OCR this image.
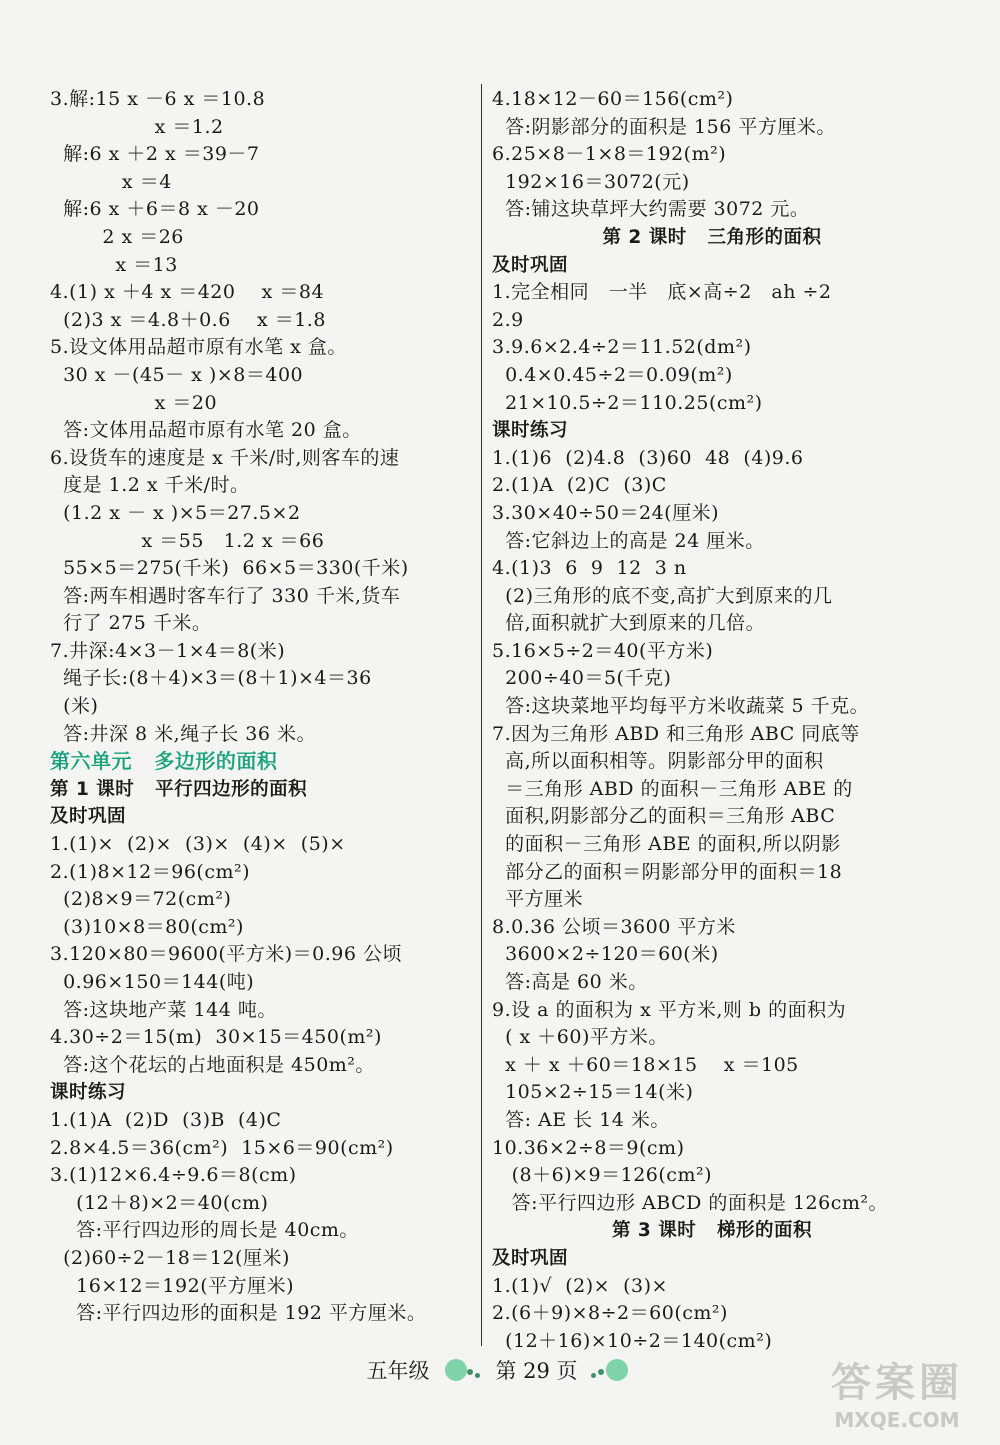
3.解:15 x －6 x ＝10.8
x ＝1.2
解:6 x ＋2 x ＝39－7
x ＝4
解:6 x ＋6＝8 x －20
2 x ＝26
x ＝13
4.(1) x ＋4 x ＝420    x ＝84
(2)3 x ＝4.8＋0.6    x ＝1.8
5.设文体用品超市原有水笔 x 盒。
30 x －(45－ x )×8＝400
x ＝20
答:文体用品超市原有水笔 20 盒。
6.设货车的速度是 x 千米/时,则客车的速
度是 1.2 x 千米/时。
(1.2 x － x )×5＝27.5×2
x ＝55   1.2 x ＝66
55×5＝275(千米)  66×5＝330(千米)
答:两车相遇时客车行了 330 千米,货车
行了 275 千米。
7.井深:4×3－1×4＝8(米)
绳子长:(8＋4)×3＝(8＋1)×4＝36
(米)
答:井深 8 米,绳子长 36 米。
第六单元   多边形的面积
第 1 课时   平行四边形的面积
及时巩固
1.(1)×  (2)×  (3)×  (4)×  (5)×
2.(1)8×12＝96(cm²)
(2)8×9＝72(cm²)
(3)10×8＝80(cm²)
3.120×80＝9600(平方米)＝0.96 公顷
0.96×150＝144(吨)
答:这块地产菜 144 吨。
4.30÷2＝15(m)  30×15＝450(m²)
答:这个花坛的占地面积是 450m²。
课时练习
1.(1)A  (2)D  (3)B  (4)C
2.8×4.5＝36(cm²)  15×6＝90(cm²)
3.(1)12×6.4÷9.6＝8(cm)
(12＋8)×2＝40(cm)
答:平行四边形的周长是 40cm。
(2)60÷2－18＝12(厘米)
16×12＝192(平方厘米)
答:平行四边形的面积是 192 平方厘米。
4.18×12－60＝156(cm²)
答:阴影部分的面积是 156 平方厘米。
6.25×8－1×8＝192(m²)
192×16＝3072(元)
答:铺这块草坪大约需要 3072 元。
第 2 课时   三角形的面积
及时巩固
1.完全相同   一半   底×高÷2   ah ÷2
2.9
3.9.6×2.4÷2＝11.52(dm²)
0.4×0.45÷2＝0.09(m²)
21×10.5÷2＝110.25(cm²)
课时练习
1.(1)6  (2)4.8  (3)60  48  (4)9.6
2.(1)A  (2)C  (3)C
3.30×40÷50＝24(厘米)
答:它斜边上的高是 24 厘米。
4.(1)3  6  9  12  3 n
(2)三角形的底不变,高扩大到原来的几
倍,面积就扩大到原来的几倍。
5.16×5÷2＝40(平方米)
200÷40＝5(千克)
答:这块菜地平均每平方米收蔬菜 5 千克。
7.因为三角形 ABD 和三角形 ABC 同底等
高,所以面积相等。阴影部分甲的面积
＝三角形 ABD 的面积－三角形 ABE 的
面积,阴影部分乙的面积＝三角形 ABC
的面积－三角形 ABE 的面积,所以阴影
部分乙的面积＝阴影部分甲的面积＝18
平方厘米
8.0.36 公顷＝3600 平方米
3600×2÷120＝60(米)
答:高是 60 米。
9.设 a 的面积为 x 平方米,则 b 的面积为
( x ＋60)平方米。
x ＋ x ＋60＝18×15    x ＝105
105×2÷15＝14(米)
答: AE 长 14 米。
10.36×2÷8＝9(cm)
(8＋6)×9＝126(cm²)
答:平行四边形 ABCD 的面积是 126cm²。
第 3 课时   梯形的面积
及时巩固
1.(1)√  (2)×  (3)×
2.(6＋9)×8÷2＝60(cm²)
(12＋16)×10÷2＝140(cm²)
五年级	第 29 页	答案圈
MXQE.COM
